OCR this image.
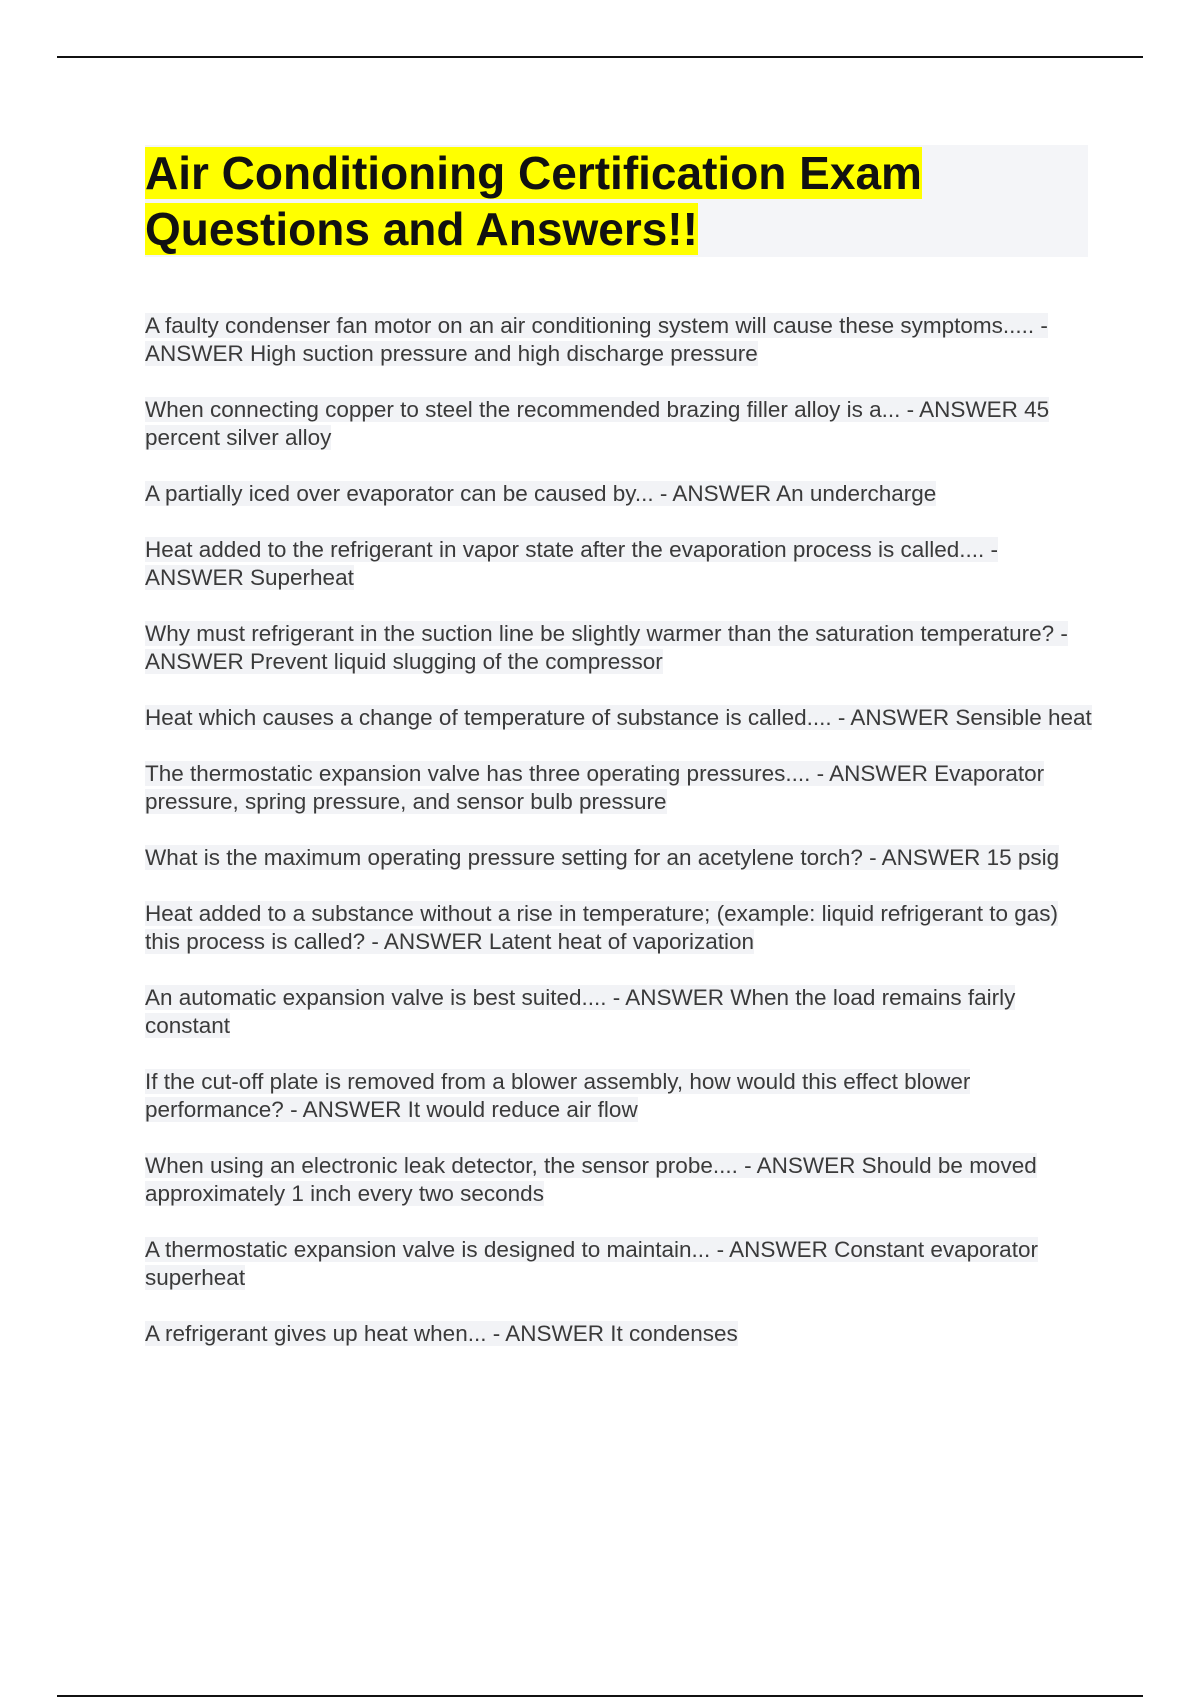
Air Conditioning Certification Exam
Questions and Answers!!

A faulty condenser fan motor on an air conditioning system will cause these symptoms..... - ANSWER High suction pressure and high discharge pressure

When connecting copper to steel the recommended brazing filler alloy is a... - ANSWER 45 percent silver alloy

A partially iced over evaporator can be caused by... - ANSWER An undercharge

Heat added to the refrigerant in vapor state after the evaporation process is called.... - ANSWER Superheat

Why must refrigerant in the suction line be slightly warmer than the saturation temperature? - ANSWER Prevent liquid slugging of the compressor

Heat which causes a change of temperature of substance is called.... - ANSWER Sensible heat

The thermostatic expansion valve has three operating pressures.... - ANSWER Evaporator pressure, spring pressure, and sensor bulb pressure

What is the maximum operating pressure setting for an acetylene torch? - ANSWER 15 psig

Heat added to a substance without a rise in temperature; (example: liquid refrigerant to gas) this process is called? - ANSWER Latent heat of vaporization

An automatic expansion valve is best suited.... - ANSWER When the load remains fairly constant

If the cut-off plate is removed from a blower assembly, how would this effect blower performance? - ANSWER It would reduce air flow

When using an electronic leak detector, the sensor probe.... - ANSWER Should be moved approximately 1 inch every two seconds

A thermostatic expansion valve is designed to maintain... - ANSWER Constant evaporator superheat

A refrigerant gives up heat when... - ANSWER It condenses
